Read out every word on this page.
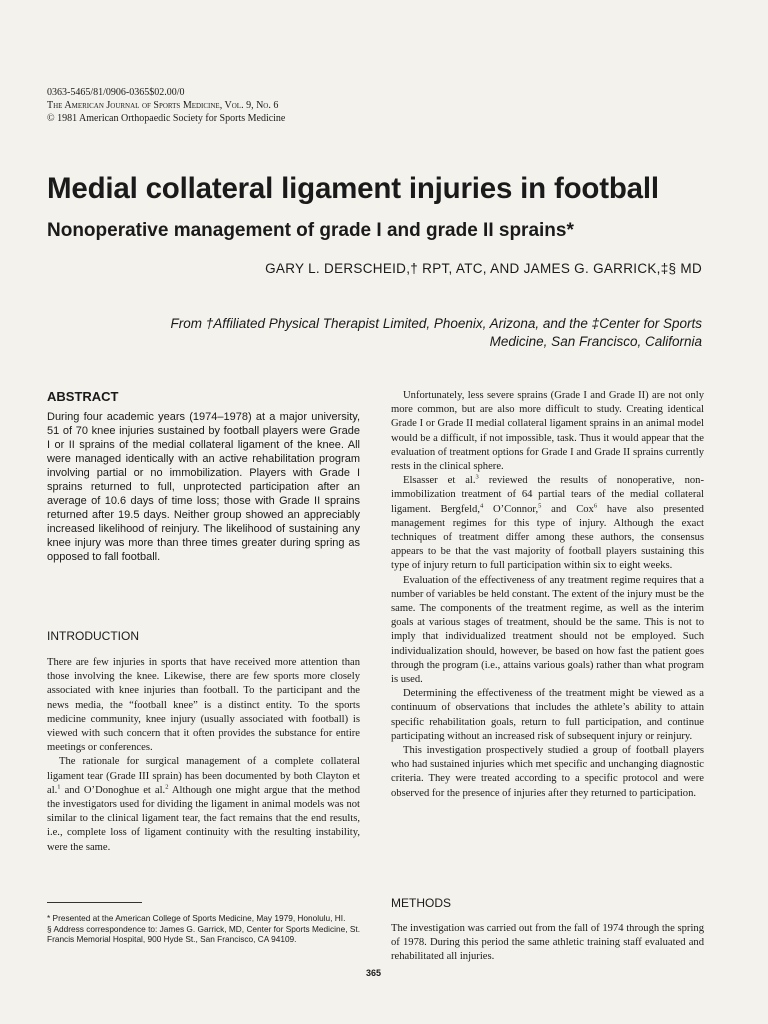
0363-5465/81/0906-0365$02.00/0
The American Journal of Sports Medicine, Vol. 9, No. 6
© 1981 American Orthopaedic Society for Sports Medicine
Medial collateral ligament injuries in football
Nonoperative management of grade I and grade II sprains*
GARY L. DERSCHEID,† RPT, ATC, AND JAMES G. GARRICK,‡§ MD
From †Affiliated Physical Therapist Limited, Phoenix, Arizona, and the ‡Center for Sports
Medicine, San Francisco, California
ABSTRACT

During four academic years (1974–1978) at a major university, 51 of 70 knee injuries sustained by football players were Grade I or II sprains of the medial collateral ligament of the knee. All were managed identically with an active rehabilitation program involving partial or no immobilization. Players with Grade I sprains returned to full, unprotected participation after an average of 10.6 days of time loss; those with Grade II sprains returned after 19.5 days. Neither group showed an appreciably increased likelihood of reinjury. The likelihood of sustaining any knee injury was more than three times greater during spring as opposed to fall football.

INTRODUCTION

There are few injuries in sports that have received more attention than those involving the knee. Likewise, there are few sports more closely associated with knee injuries than football. To the participant and the news media, the “football knee” is a distinct entity. To the sports medicine community, knee injury (usually associated with football) is viewed with such concern that it often provides the substance for entire meetings or conferences.

The rationale for surgical management of a complete collateral ligament tear (Grade III sprain) has been documented by both Clayton et al.$^1$ and O’Donoghue et al.$^2$ Although one might argue that the method the investigators used for dividing the ligament in animal models was not similar to the clinical ligament tear, the fact remains that the end results, i.e., complete loss of ligament continuity with the resulting instability, were the same.

Unfortunately, less severe sprains (Grade I and Grade II) are not only more common, but are also more difficult to study. Creating identical Grade I or Grade II medial collateral ligament sprains in an animal model would be a difficult, if not impossible, task. Thus it would appear that the evaluation of treatment options for Grade I and Grade II sprains currently rests in the clinical sphere.

Elsasser et al.$^3$ reviewed the results of nonoperative, non-immobilization treatment of 64 partial tears of the medial collateral ligament. Bergfeld,$^4$ O’Connor,$^5$ and Cox$^6$ have also presented management regimes for this type of injury. Although the exact techniques of treatment differ among these authors, the consensus appears to be that the vast majority of football players sustaining this type of injury return to full participation within six to eight weeks.

Evaluation of the effectiveness of any treatment regime requires that a number of variables be held constant. The extent of the injury must be the same. The components of the treatment regime, as well as the interim goals at various stages of treatment, should be the same. This is not to imply that individualized treatment should not be employed. Such individualization should, however, be based on how fast the patient goes through the program (i.e., attains various goals) rather than what program is used.

Determining the effectiveness of the treatment might be viewed as a continuum of observations that includes the athlete’s ability to attain specific rehabilitation goals, return to full participation, and continue participating without an increased risk of subsequent injury or reinjury.

This investigation prospectively studied a group of football players who had sustained injuries which met specific and unchanging diagnostic criteria. They were treated according to a specific protocol and were observed for the presence of injuries after they returned to participation.

METHODS

The investigation was carried out from the fall of 1974 through the spring of 1978. During this period the same athletic training staff evaluated and rehabilitated all injuries.

* Presented at the American College of Sports Medicine, May 1979, Honolulu, HI.

§ Address correspondence to: James G. Garrick, MD, Center for Sports Medicine, St. Francis Memorial Hospital, 900 Hyde St., San Francisco, CA 94109.

365
